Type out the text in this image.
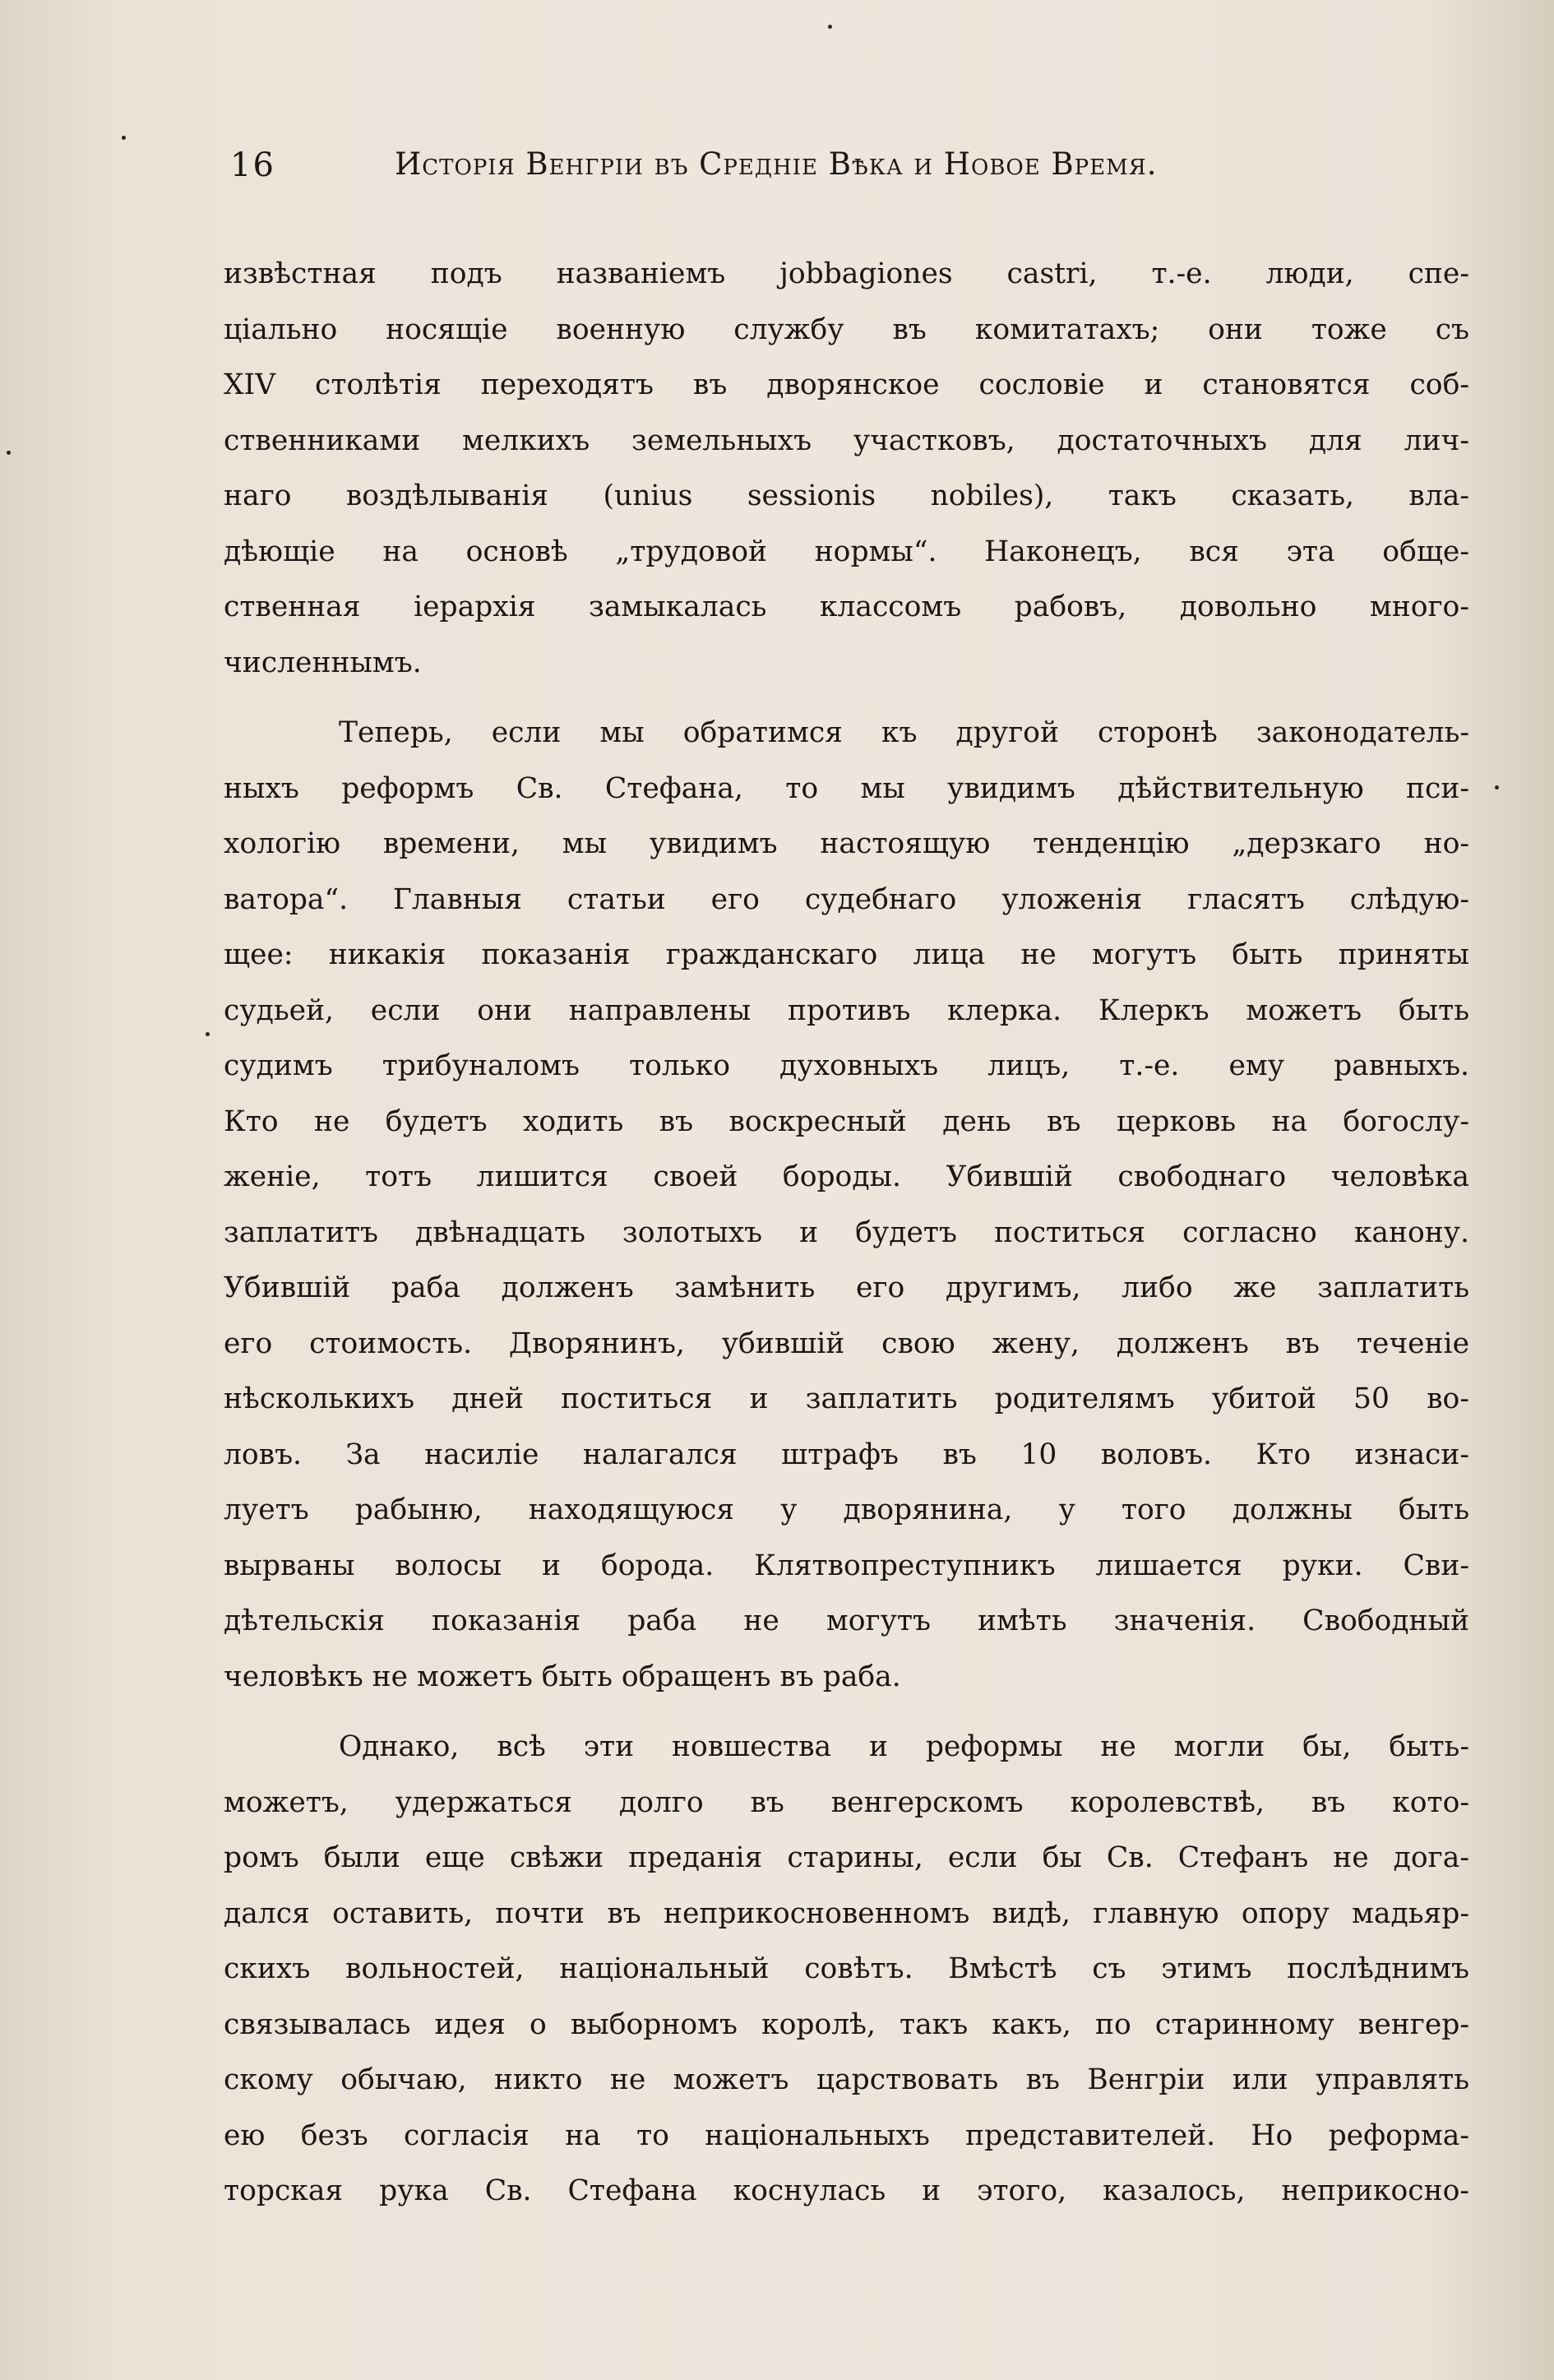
16	Исторія Венгріи въ Средніе Вѣка и Новое Время.
извѣстная подъ названіемъ jobbagiones castri, т.-е. люди, спе-
ціально носящіе военную службу въ комитатахъ; они тоже съ
XIV столѣтія переходятъ въ дворянское сословіе и становятся соб-
ственниками мелкихъ земельныхъ участковъ, достаточныхъ для лич-
наго воздѣлыванія (unius sessionis nobiles), такъ сказать, вла-
дѣющіе на основѣ „трудовой нормы“. Наконецъ, вся эта обще-
ственная іерархія замыкалась классомъ рабовъ, довольно много-
численнымъ.
Теперь, если мы обратимся къ другой сторонѣ законодатель-
ныхъ реформъ Св. Стефана, то мы увидимъ дѣйствительную пси-
хологію времени, мы увидимъ настоящую тенденцію „дерзкаго но-
ватора“. Главныя статьи его судебнаго уложенія гласятъ слѣдую-
щее: никакія показанія гражданскаго лица не могутъ быть приняты
судьей, если они направлены противъ клерка. Клеркъ можетъ быть
судимъ трибуналомъ только духовныхъ лицъ, т.-е. ему равныхъ.
Кто не будетъ ходить въ воскресный день въ церковь на богослу-
женіе, тотъ лишится своей бороды. Убившій свободнаго человѣка
заплатитъ двѣнадцать золотыхъ и будетъ поститься согласно канону.
Убившій раба долженъ замѣнить его другимъ, либо же заплатить
его стоимость. Дворянинъ, убившій свою жену, долженъ въ теченіе
нѣсколькихъ дней поститься и заплатить родителямъ убитой 50 во-
ловъ. За насиліе налагался штрафъ въ 10 воловъ. Кто изнаси-
луетъ рабыню, находящуюся у дворянина, у того должны быть
вырваны волосы и борода. Клятвопреступникъ лишается руки. Сви-
дѣтельскія показанія раба не могутъ имѣть значенія. Свободный
человѣкъ не можетъ быть обращенъ въ раба.
Однако, всѣ эти новшества и реформы не могли бы, быть-
можетъ, удержаться долго въ венгерскомъ королевствѣ, въ кото-
ромъ были еще свѣжи преданія старины, если бы Св. Стефанъ не дога-
дался оставить, почти въ неприкосновенномъ видѣ, главную опору мадьяр-
скихъ вольностей, національный совѣтъ. Вмѣстѣ съ этимъ послѣднимъ
связывалась идея о выборномъ королѣ, такъ какъ, по старинному венгер-
скому обычаю, никто не можетъ царствовать въ Венгріи или управлять
ею безъ согласія на то національныхъ представителей. Но реформа-
торская рука Св. Стефана коснулась и этого, казалось, неприкосно-
